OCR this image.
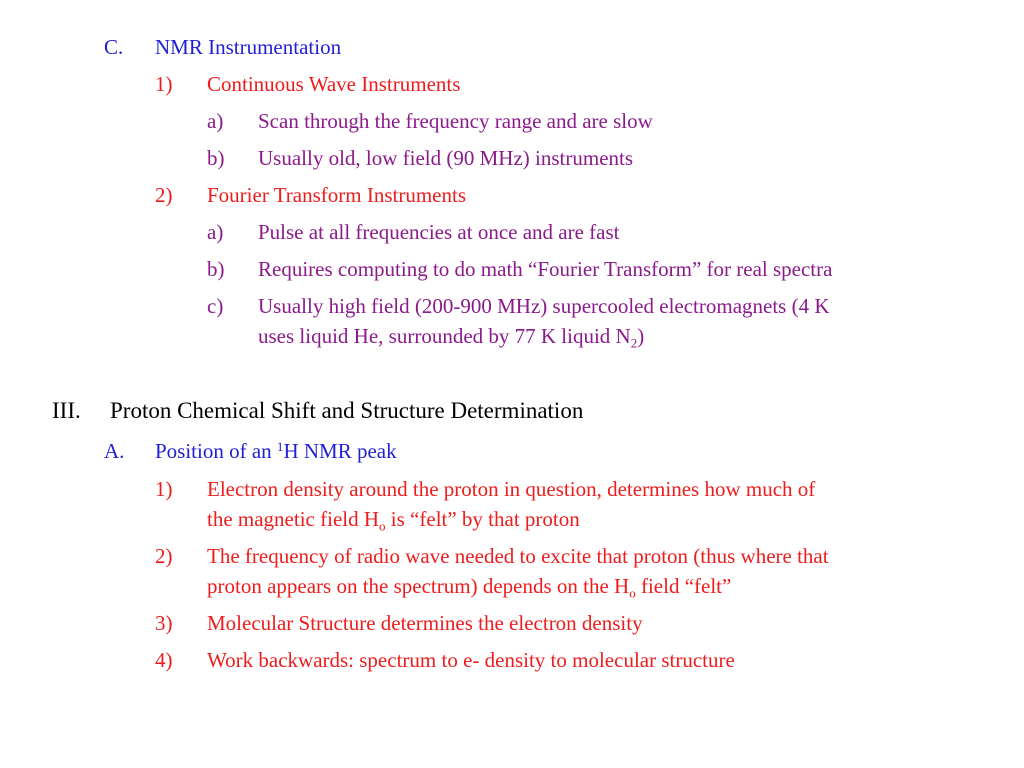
C. NMR Instrumentation
1) Continuous Wave Instruments
a) Scan through the frequency range and are slow
b) Usually old, low field (90 MHz) instruments
2) Fourier Transform Instruments
a) Pulse at all frequencies at once and are fast
b) Requires computing to do math “Fourier Transform” for real spectra
c) Usually high field (200-900 MHz) supercooled electromagnets (4 K
uses liquid He, surrounded by 77 K liquid $N_2$)
III. Proton Chemical Shift and Structure Determination
A. Position of an $^1$H NMR peak
1) Electron density around the proton in question, determines how much of
the magnetic field $H_o$ is “felt” by that proton
2) The frequency of radio wave needed to excite that proton (thus where that
proton appears on the spectrum) depends on the $H_o$ field “felt”
3) Molecular Structure determines the electron density
4) Work backwards: spectrum to e- density to molecular structure
